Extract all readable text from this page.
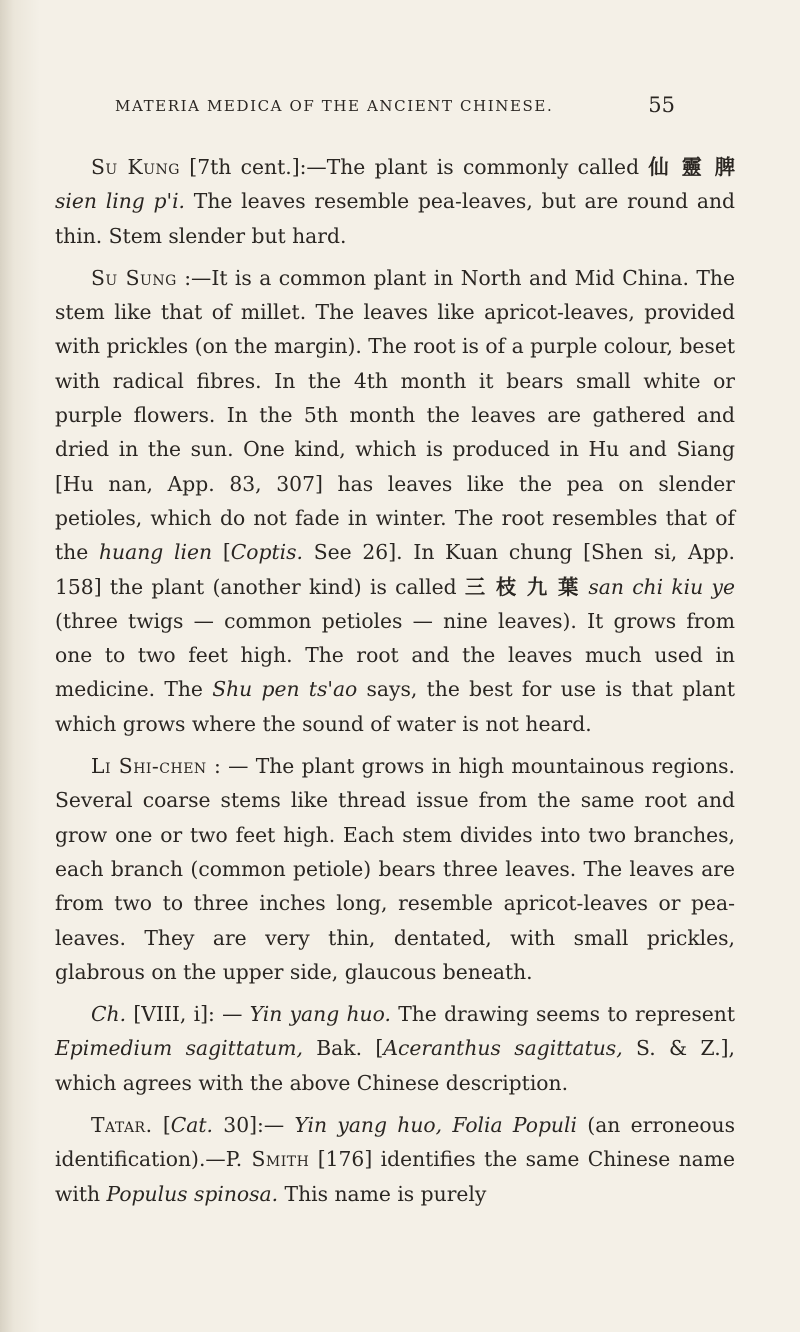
MATERIA MEDICA OF THE ANCIENT CHINESE.	55

Su Kung [7th cent.]:—The plant is commonly called 仙 靈 脾 sien ling p'i. The leaves resemble pea-leaves, but are round and thin. Stem slender but hard.

Su Sung :—It is a common plant in North and Mid China. The stem like that of millet. The leaves like apricot-leaves, provided with prickles (on the margin). The root is of a purple colour, beset with radical fibres. In the 4th month it bears small white or purple flowers. In the 5th month the leaves are gathered and dried in the sun. One kind, which is produced in Hu and Siang [Hu nan, App. 83, 307] has leaves like the pea on slender petioles, which do not fade in winter. The root resembles that of the huang lien [Coptis. See 26]. In Kuan chung [Shen si, App. 158] the plant (another kind) is called 三 枝 九 葉 san chi kiu ye (three twigs — common petioles — nine leaves). It grows from one to two feet high. The root and the leaves much used in medicine. The Shu pen ts'ao says, the best for use is that plant which grows where the sound of water is not heard.

Li Shi-chen : — The plant grows in high mountainous regions. Several coarse stems like thread issue from the same root and grow one or two feet high. Each stem divides into two branches, each branch (common petiole) bears three leaves. The leaves are from two to three inches long, resemble apricot-leaves or pea-leaves. They are very thin, dentated, with small prickles, glabrous on the upper side, glaucous beneath.

Ch. [VIII, i]: — Yin yang huo. The drawing seems to represent Epimedium sagittatum, Bak. [Aceranthus sagittatus, S. & Z.], which agrees with the above Chinese description.

Tatar. [Cat. 30]:— Yin yang huo, Folia Populi (an erroneous identification).—P. Smith [176] identifies the same Chinese name with Populus spinosa. This name is purely
